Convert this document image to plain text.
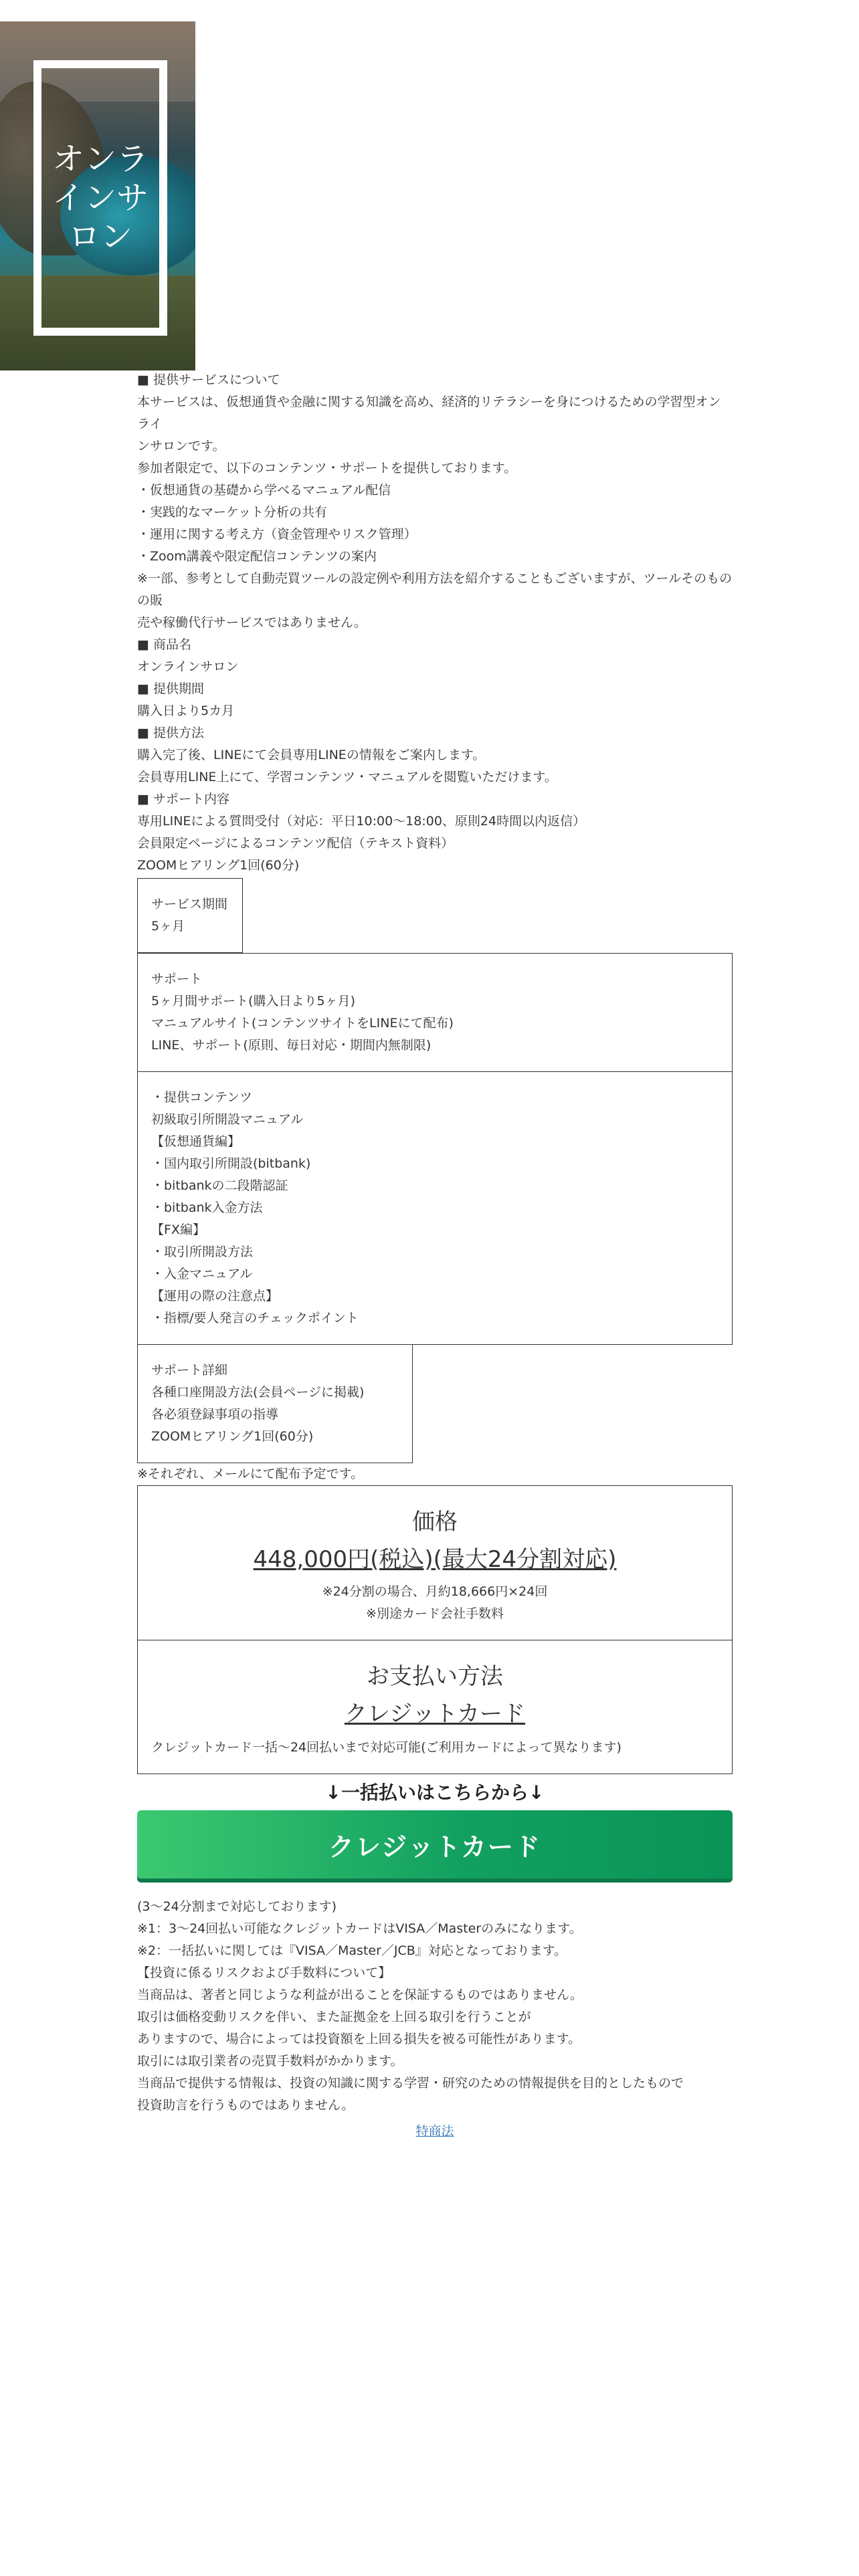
オンラインサロン

■ 提供サービスについて

本サービスは、仮想通貨や金融に関する知識を高め、経済的リテラシーを身につけるための学習型オンライ

ンサロンです。

参加者限定で、以下のコンテンツ・サポートを提供しております。

・仮想通貨の基礎から学べるマニュアル配信

・実践的なマーケット分析の共有

・運用に関する考え方（資金管理やリスク管理）

・Zoom講義や限定配信コンテンツの案内

※一部、参考として自動売買ツールの設定例や利用方法を紹介することもございますが、ツールそのものの販

売や稼働代行サービスではありません。

■ 商品名

オンラインサロン

■ 提供期間

購入日より5カ月

■ 提供方法

購入完了後、LINEにて会員専用LINEの情報をご案内します。

会員専用LINE上にて、学習コンテンツ・マニュアルを閲覧いただけます。

■ サポート内容

専用LINEによる質問受付（対応：平日10:00〜18:00、原則24時間以内返信）

会員限定ページによるコンテンツ配信（テキスト資料）

ZOOMヒアリング1回(60分)

サービス期間

5ヶ月

サポート

5ヶ月間サポート(購入日より5ヶ月)

マニュアルサイト(コンテンツサイトをLINEにて配布)

LINE、サポート(原則、毎日対応・期間内無制限)

・提供コンテンツ

初級取引所開設マニュアル

【仮想通貨編】

・国内取引所開設(bitbank)

・bitbankの二段階認証

・bitbank入金方法

【FX編】

・取引所開設方法

・入金マニュアル

【運用の際の注意点】

・指標/要人発言のチェックポイント

サポート詳細

各種口座開設方法(会員ページに掲載)

各必須登録事項の指導

ZOOMヒアリング1回(60分)

※それぞれ、メールにて配布予定です。

価格

448,000円(税込)(最大24分割対応)

※24分割の場合、月約18,666円×24回

※別途カード会社手数料

お支払い方法

クレジットカード

クレジットカード一括〜24回払いまで対応可能(ご利用カードによって異なります)

↓一括払いはこちらから↓

クレジットカード

(3〜24分割まで対応しております)

※1：3〜24回払い可能なクレジットカードはVISA／Masterのみになります。

※2：一括払いに関しては『VISA／Master／JCB』対応となっております。

【投資に係るリスクおよび手数料について】

当商品は、著者と同じような利益が出ることを保証するものではありません。

取引は価格変動リスクを伴い、また証拠金を上回る取引を行うことが

ありますので、場合によっては投資額を上回る損失を被る可能性があります。

取引には取引業者の売買手数料がかかります。

当商品で提供する情報は、投資の知識に関する学習・研究のための情報提供を目的としたもので

投資助言を行うものではありません。

特商法
